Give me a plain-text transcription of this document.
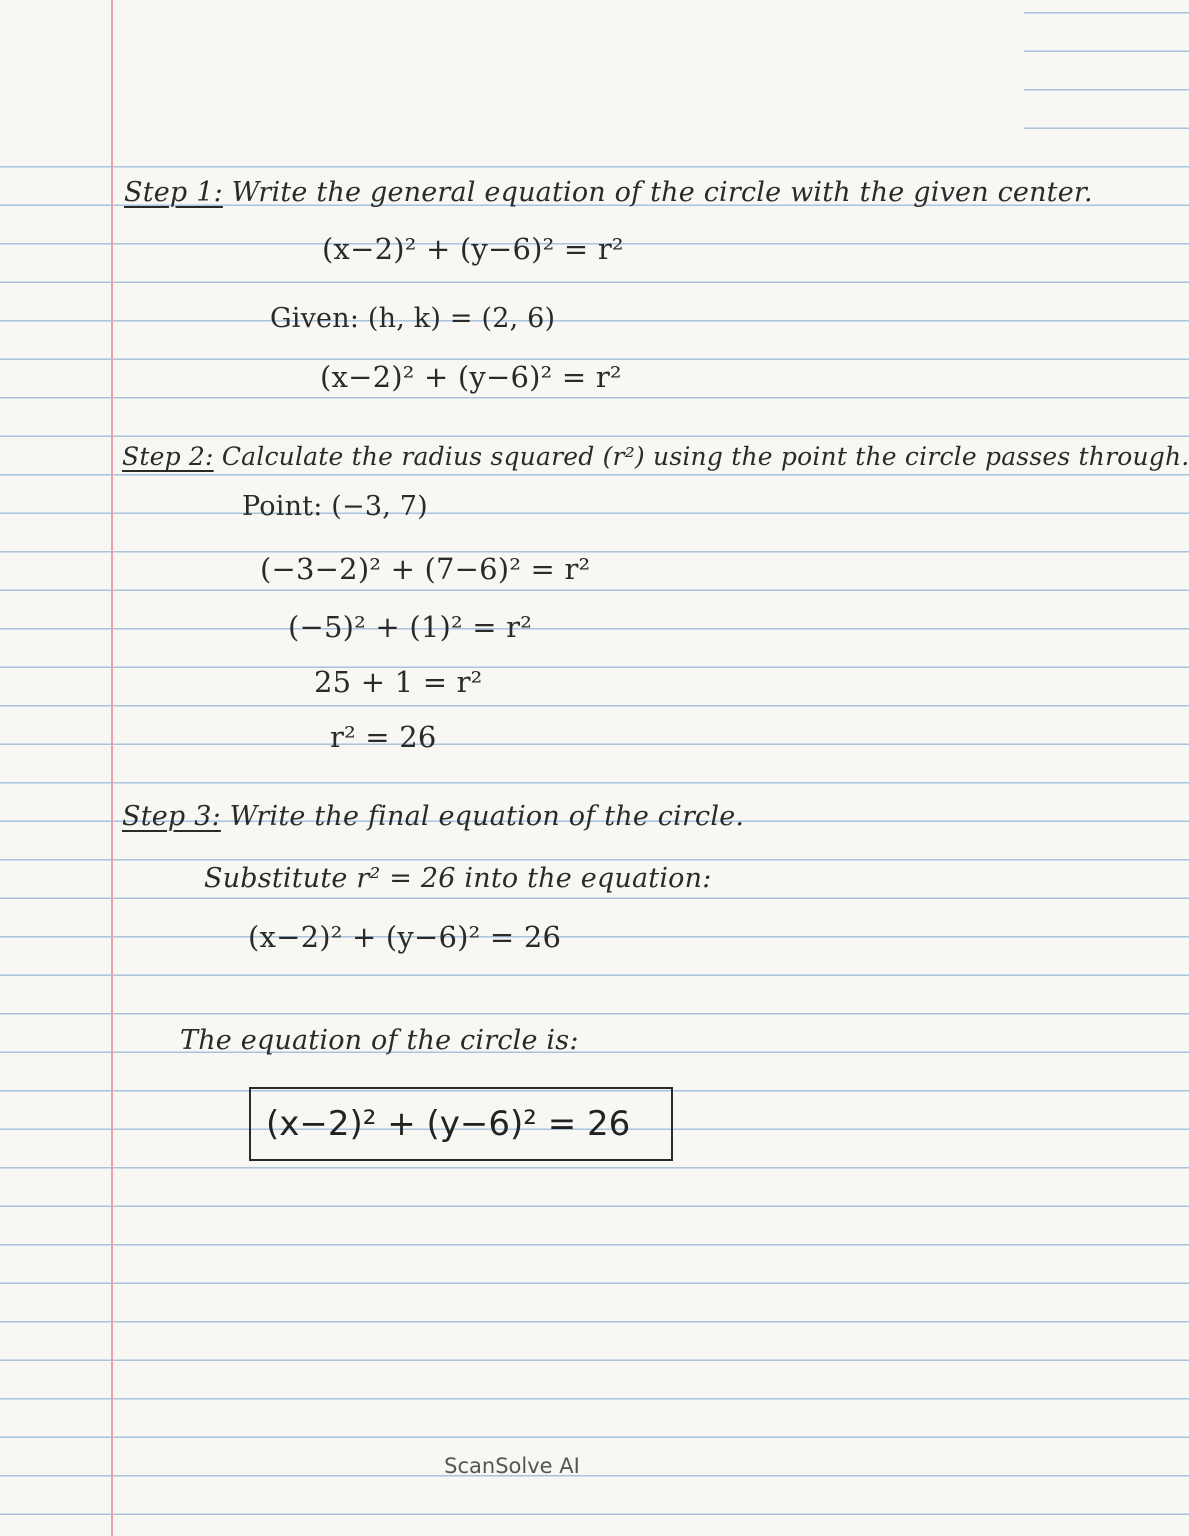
Step 1: Write the general equation of the circle with the given center.
(x−2)² + (y−6)² = r²
Given: (h, k) = (2, 6)
(x−2)² + (y−6)² = r²
Step 2: Calculate the radius squared (r²) using the point the circle passes through.
Point: (−3, 7)
(−3−2)² + (7−6)² = r²
(−5)² + (1)² = r²
25 + 1 = r²
r² = 26
Step 3: Write the final equation of the circle.
Substitute r² = 26 into the equation:
(x−2)² + (y−6)² = 26
The equation of the circle is:
(x−2)² + (y−6)² = 26
ScanSolve AI
